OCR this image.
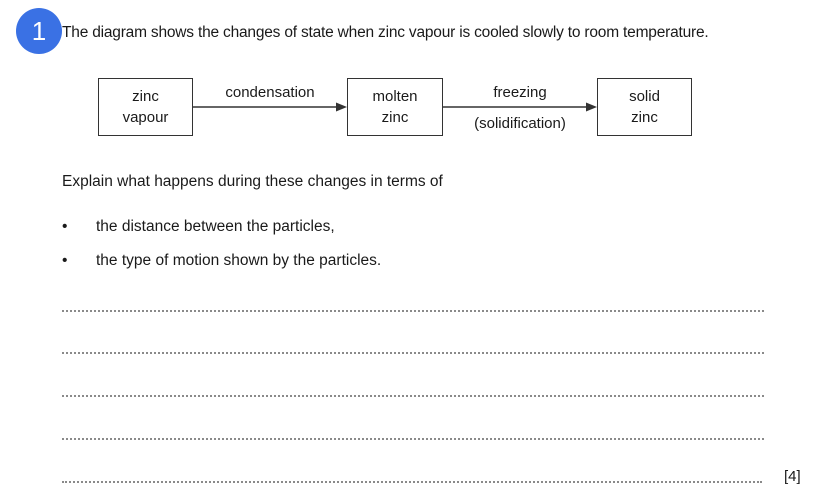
1	The diagram shows the changes of state when zinc vapour is cooled slowly to room temperature.
zinc
vapour
molten
zinc
solid
zinc
condensation	freezing
(solidification)
Explain what happens during these changes in terms of
• the distance between the particles,
• the type of motion shown by the particles.
[4]
